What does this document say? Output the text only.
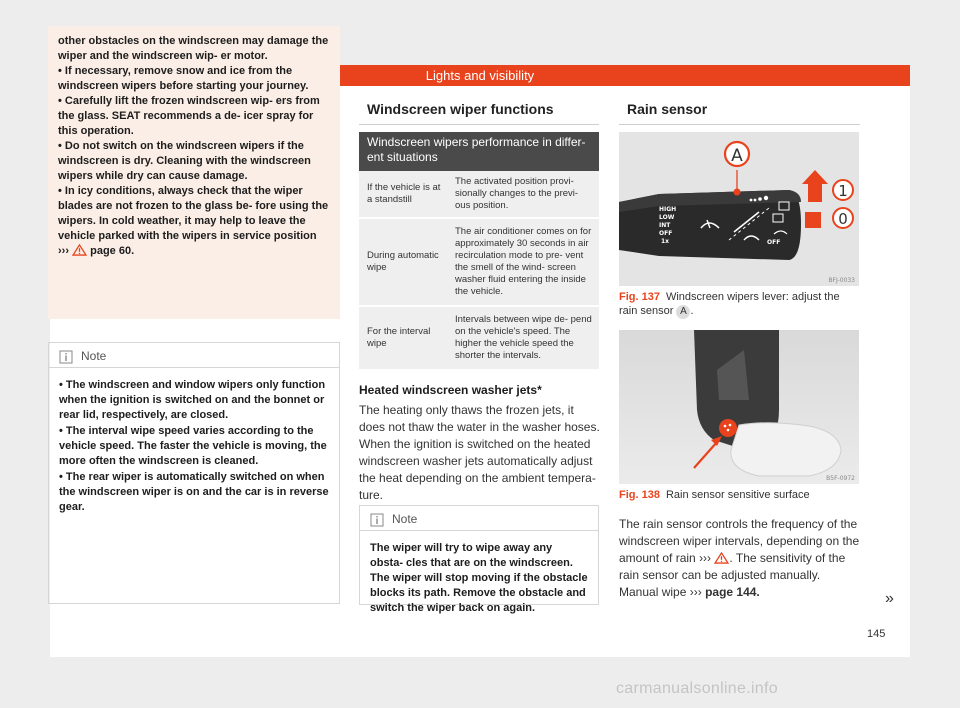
Lights and visibility

other obstacles on the windscreen may damage the wiper and the windscreen wip- er motor.

• If necessary, remove snow and ice from the windscreen wipers before starting your journey.

• Carefully lift the frozen windscreen wip- ers from the glass. SEAT recommends a de- icer spray for this operation.

• Do not switch on the windscreen wipers if the windscreen is dry. Cleaning with the windscreen wipers while dry can cause damage.

• In icy conditions, always check that the wiper blades are not frozen to the glass be- fore using the wipers. In cold weather, it may help to leave the vehicle parked with the wipers in service position

››› page 60.

Note

• The windscreen and window wipers only function when the ignition is switched on and the bonnet or rear lid, respectively, are closed.

• The interval wipe speed varies according to the vehicle speed. The faster the vehicle is moving, the more often the windscreen is cleaned.

• The rear wiper is automatically switched on when the windscreen wiper is on and the car is in reverse gear.

Windscreen wiper functions
Windscreen wipers performance in differ- ent situations
If the vehicle is at a standstill
The activated position provi- sionally changes to the previ- ous position.
During automatic wipe
The air conditioner comes on for approximately 30 seconds in air recirculation mode to pre- vent the smell of the wind- screen washer fluid entering the inside the vehicle.
For the interval wipe
Intervals between wipe de- pend on the vehicle's speed. The higher the vehicle speed the shorter the intervals.
Heated windscreen washer jets*
The heating only thaws the frozen jets, it does not thaw the water in the washer hoses. When the ignition is switched on the heated windscreen washer jets automatically adjust the heat depending on the ambient tempera- ture.
Note

The wiper will try to wipe away any obsta- cles that are on the windscreen. The wiper will stop moving if the obstacle blocks its path. Remove the obstacle and switch the wiper back on again.

Rain sensor
HIGH
LOW
INT
OFF
1x	OFF
A
1
0
BFJ-0033
Fig. 137 Windscreen wipers lever: adjust the rain sensor A .
B5F-0972
Fig. 138 Rain sensor sensitive surface
The rain sensor controls the frequency of the windscreen wiper intervals, depending on the amount of rain ››› . The sensitivity of the rain sensor can be adjusted manually. Manual wipe ››› page 144.	»
145
carmanualsonline.info
